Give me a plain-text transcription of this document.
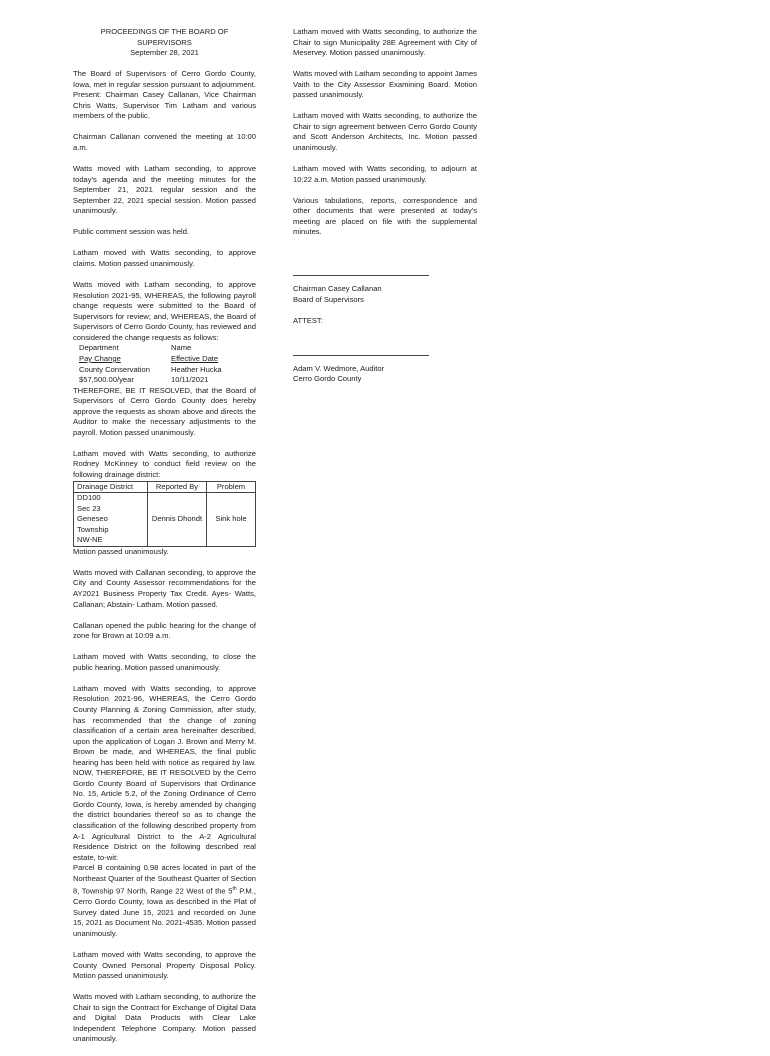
PROCEEDINGS OF THE BOARD OF SUPERVISORS
September 28, 2021

The Board of Supervisors of Cerro Gordo County, Iowa, met in regular session pursuant to adjournment. Present: Chairman Casey Callanan, Vice Chairman Chris Watts, Supervisor Tim Latham and various members of the public.

Chairman Callanan convened the meeting at 10:00 a.m.

Watts moved with Latham seconding, to approve today's agenda and the meeting minutes for the September 21, 2021 regular session and the September 22, 2021 special session. Motion passed unanimously.

Public comment session was held.

Latham moved with Watts seconding, to approve claims. Motion passed unanimously.

Watts moved with Latham seconding, to approve Resolution 2021-95, WHEREAS, the following payroll change requests were submitted to the Board of Supervisors for review; and, WHEREAS, the Board of Supervisors of Cerro Gordo County, has reviewed and considered the change requests as follows:

Department	Name
Pay Change	Effective Date
County Conservation	Heather Hucka
$57,500.00/year	10/11/2021

THEREFORE, BE IT RESOLVED, that the Board of Supervisors of Cerro Gordo County does hereby approve the requests as shown above and directs the Auditor to make the necessary adjustments to the payroll. Motion passed unanimously.

Latham moved with Watts seconding, to authorize Rodney McKinney to conduct field review on the following drainage district:

Drainage District	Reported By	Problem

DD100
Sec 23
Geneseo
Township
NW-NE	Dennis Dhondt	Sink hole
Motion passed unanimously.

Watts moved with Callanan seconding, to approve the City and County Assessor recommendations for the AY2021 Business Property Tax Credit. Ayes- Watts, Callanan; Abstain- Latham. Motion passed.

Callanan opened the public hearing for the change of zone for Brown at 10:09 a.m.

Latham moved with Watts seconding, to close the public hearing. Motion passed unanimously.

Latham moved with Watts seconding, to approve Resolution 2021-96, WHEREAS, the Cerro Gordo County Planning & Zoning Commission, after study, has recommended that the change of zoning classification of a certain area hereinafter described, upon the application of Logan J. Brown and Merry M. Brown be made, and WHEREAS, the final public hearing has been held with notice as required by law. NOW, THEREFORE, BE IT RESOLVED by the Cerro Gordo County Board of Supervisors that Ordinance No. 15, Article 5.2, of the Zoning Ordinance of Cerro Gordo County, Iowa, is hereby amended by changing the district boundaries thereof so as to change the classification of the following described property from A-1 Agricultural District to the A-2 Agricultural Residence District on the following described real estate, to-wit:

Parcel B containing 0.98 acres located in part of the Northeast Quarter of the Southeast Quarter of Section 8, Township 97 North, Range 22 West of the 5th P.M., Cerro Gordo County, Iowa as described in the Plat of Survey dated June 15, 2021 and recorded on June 15, 2021 as Document No. 2021-4535. Motion passed unanimously.

Latham moved with Watts seconding, to approve the County Owned Personal Property Disposal Policy. Motion passed unanimously.

Watts moved with Latham seconding, to authorize the Chair to sign the Contract for Exchange of Digital Data and Digital Data Products with Clear Lake Independent Telephone Company. Motion passed unanimously.

Latham moved with Watts seconding, to authorize the Chair to sign Municipality 28E Agreement with City of Meservey. Motion passed unanimously.

Watts moved with Latham seconding to appoint James Vaith to the City Assessor Examining Board. Motion passed unanimously.

Latham moved with Watts seconding, to authorize the Chair to sign agreement between Cerro Gordo County and Scott Anderson Architects, Inc. Motion passed unanimously.

Latham moved with Watts seconding, to adjourn at 10:22 a.m. Motion passed unanimously.

Various tabulations, reports, correspondence and other documents that were presented at today's meeting are placed on file with the supplemental minutes.

Chairman Casey Callanan
Board of Supervisors
ATTEST:
Adam V. Wedmore, Auditor
Cerro Gordo County
